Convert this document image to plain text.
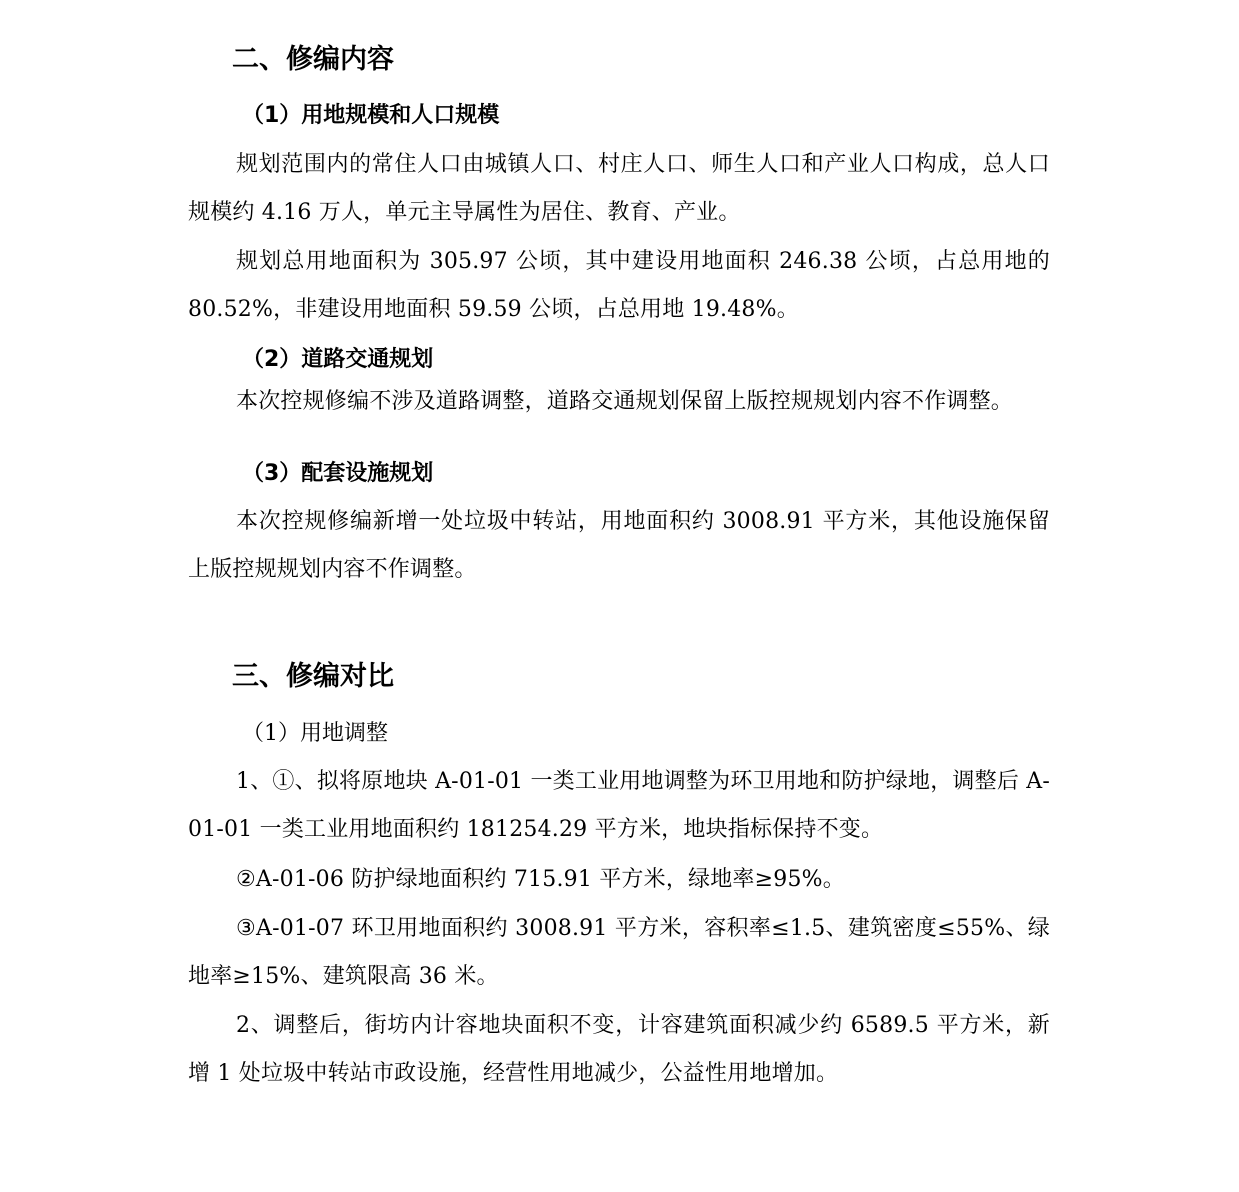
二、修编内容
（1）用地规模和人口规模

规划范围内的常住人口由城镇人口、村庄人口、师生人口和产业人口构成，总人口规模约 4.16 万人，单元主导属性为居住、教育、产业。

规划总用地面积为 305.97 公顷，其中建设用地面积 246.38 公顷，占总用地的 80.52%，非建设用地面积 59.59 公顷，占总用地 19.48%。

（2）道路交通规划

本次控规修编不涉及道路调整，道路交通规划保留上版控规规划内容不作调整。

（3）配套设施规划

本次控规修编新增一处垃圾中转站，用地面积约 3008.91 平方米，其他设施保留上版控规规划内容不作调整。

三、修编对比
（1）用地调整

1、①、拟将原地块 A-01-01 一类工业用地调整为环卫用地和防护绿地，调整后 A-01-01 一类工业用地面积约 181254.29 平方米，地块指标保持不变。

②A-01-06 防护绿地面积约 715.91 平方米，绿地率≥95%。

③A-01-07 环卫用地面积约 3008.91 平方米，容积率≤1.5、建筑密度≤55%、绿地率≥15%、建筑限高 36 米。

2、调整后，街坊内计容地块面积不变，计容建筑面积减少约 6589.5 平方米，新增 1 处垃圾中转站市政设施，经营性用地减少，公益性用地增加。
